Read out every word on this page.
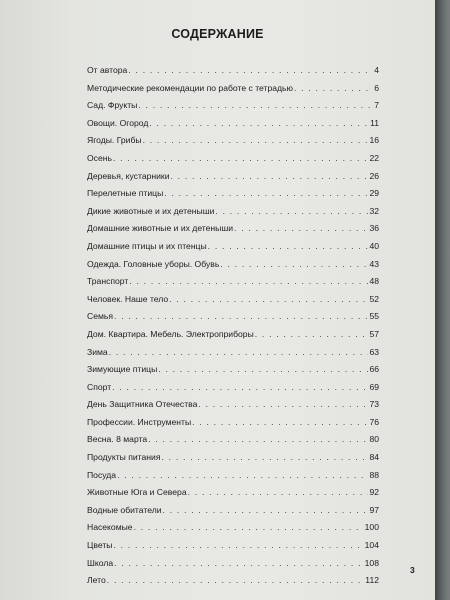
СОДЕРЖАНИЕ
От автора . . .	4
Методические рекомендации по работе с тетрадью . . .	6
Сад. Фрукты . . .	7
Овощи. Огород . . .	11
Ягоды. Грибы . . .	16
Осень . . .	22
Деревья, кустарники . . .	26
Перелетные птицы . . .	29
Дикие животные и их детеныши . . .	32
Домашние животные и их детеныши . . .	36
Домашние птицы и их птенцы . . .	40
Одежда. Головные уборы. Обувь . . .	43
Транспорт . . .	48
Человек. Наше тело . . .	52
Семья . . .	55
Дом. Квартира. Мебель. Электроприборы . . .	57
Зима . . .	63
Зимующие птицы . . .	66
Спорт . . .	69
День Защитника Отечества . . .	73
Профессии. Инструменты . . .	76
Весна. 8 марта . . .	80
Продукты питания . . .	84
Посуда . . .	88
Животные Юга и Севера . . .	92
Водные обитатели . . .	97
Насекомые . . .	100
Цветы . . .	104
Школа . . .	108
Лето . . .	112
3
